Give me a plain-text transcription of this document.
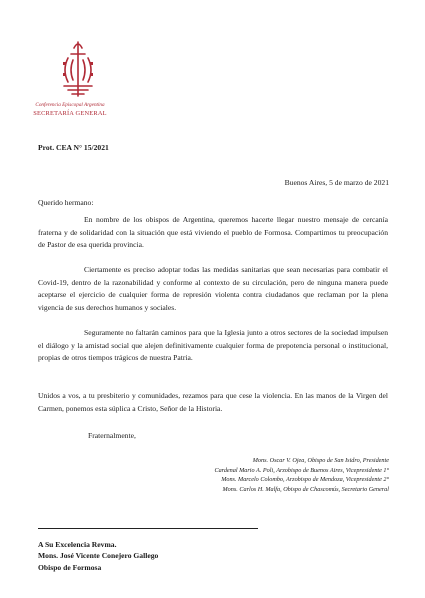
Conferencia Episcopal Argentina
SECRETARÍA GENERAL
Prot. CEA N° 15/2021
Buenos Aires, 5 de marzo de 2021
Querido hermano:

En nombre de los obispos de Argentina, queremos hacerte llegar nuestro mensaje de cercanía fraterna y de solidaridad con la situación que está viviendo el pueblo de Formosa. Compartimos tu preocupación de Pastor de esa querida provincia.

Ciertamente es preciso adoptar todas las medidas sanitarias que sean necesarias para combatir el Covid-19, dentro de la razonabilidad y conforme al contexto de su circulación, pero de ninguna manera puede aceptarse el ejercicio de cualquier forma de represión violenta contra ciudadanos que reclaman por la plena vigencia de sus derechos humanos y sociales.

Seguramente no faltarán caminos para que la Iglesia junto a otros sectores de la sociedad impulsen el diálogo y la amistad social que alejen definitivamente cualquier forma de prepotencia personal o institucional, propias de otros tiempos trágicos de nuestra Patria.

Unidos a vos, a tu presbiterio y comunidades, rezamos para que cese la violencia. En las manos de la Virgen del Carmen, ponemos esta súplica a Cristo, Señor de la Historia.

Fraternalmente,
Mons. Oscar V. Ojea, Obispo de San Isidro, Presidente
Cardenal Mario A. Poli, Arzobispo de Buenos Aires, Vicepresidente 1°
Mons. Marcelo Colombo, Arzobispo de Mendoza, Vicepresidente 2°
Mons. Carlos H. Malfa, Obispo de Chascomús, Secretario General
A Su Excelencia Revma.
Mons. José Vicente Conejero Gallego
Obispo de Formosa
